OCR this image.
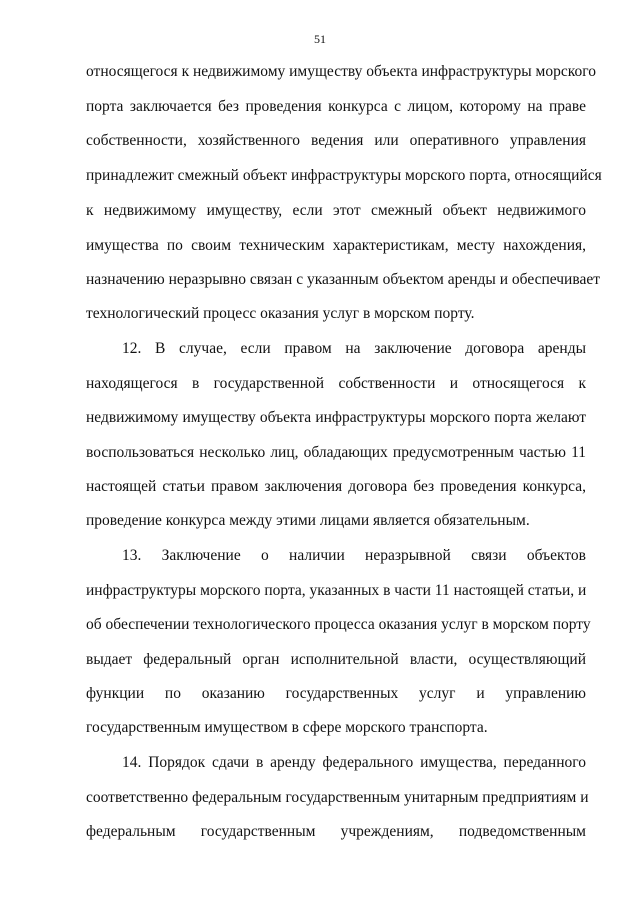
51
относящегося к недвижимому имуществу объекта инфраструктуры морского
порта заключается без проведения конкурса с лицом, которому на праве
собственности, хозяйственного ведения или оперативного управления
принадлежит смежный объект инфраструктуры морского порта, относящийся
к недвижимому имуществу, если этот смежный объект недвижимого
имущества по своим техническим характеристикам, месту нахождения,
назначению неразрывно связан с указанным объектом аренды и обеспечивает
технологический процесс оказания услуг в морском порту.
12. В случае, если правом на заключение договора аренды
находящегося в государственной собственности и относящегося к
недвижимому имуществу объекта инфраструктуры морского порта желают
воспользоваться несколько лиц, обладающих предусмотренным частью 11
настоящей статьи правом заключения договора без проведения конкурса,
проведение конкурса между этими лицами является обязательным.
13. Заключение о наличии неразрывной связи объектов
инфраструктуры морского порта, указанных в части 11 настоящей статьи, и
об обеспечении технологического процесса оказания услуг в морском порту
выдает федеральный орган исполнительной власти, осуществляющий
функции по оказанию государственных услуг и управлению
государственным имуществом в сфере морского транспорта.
14. Порядок сдачи в аренду федерального имущества, переданного
соответственно федеральным государственным унитарным предприятиям и
федеральным государственным учреждениям, подведомственным
